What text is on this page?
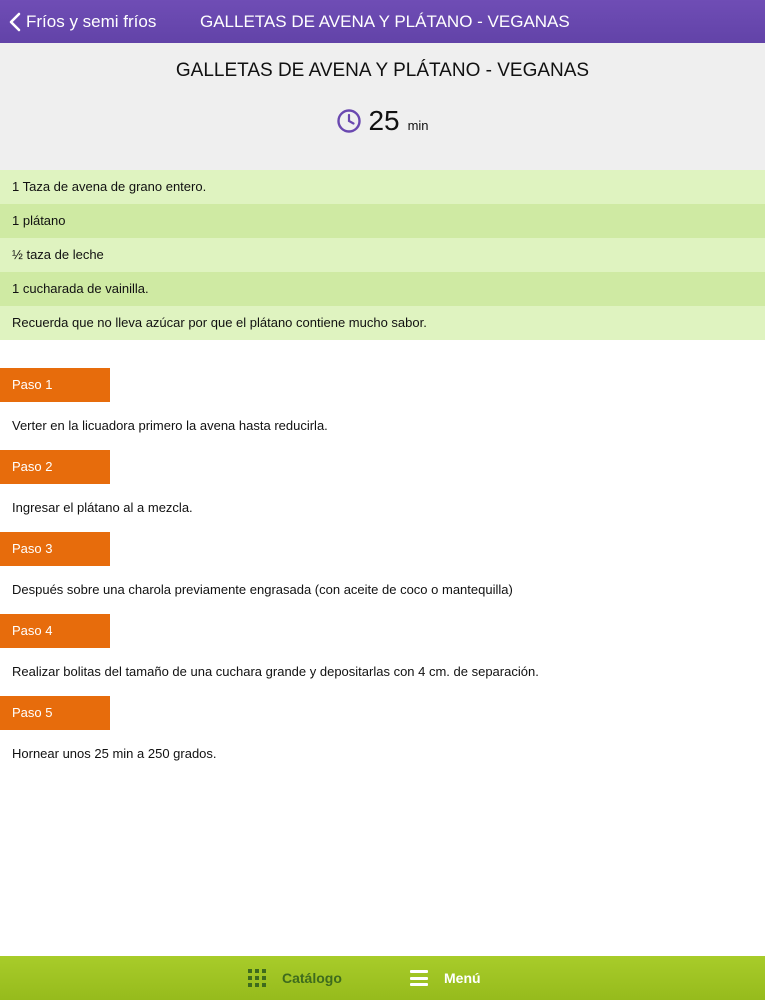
Fríos y semi fríos	GALLETAS DE AVENA Y PLÁTANO - VEGANAS
GALLETAS DE AVENA Y PLÁTANO - VEGANAS
25 min
1 Taza de avena de grano entero.
1 plátano
½ taza de leche
1 cucharada de vainilla.
Recuerda que no lleva azúcar por que el plátano contiene mucho sabor.
Paso 1
Verter en la licuadora primero la avena hasta reducirla.
Paso 2
Ingresar el plátano al a mezcla.
Paso 3
Después sobre una charola previamente engrasada (con aceite de coco o mantequilla)
Paso 4
Realizar bolitas del tamaño de una cuchara grande y depositarlas con 4 cm. de separación.
Paso 5
Hornear unos 25 min a 250 grados.
Catálogo	Menú
